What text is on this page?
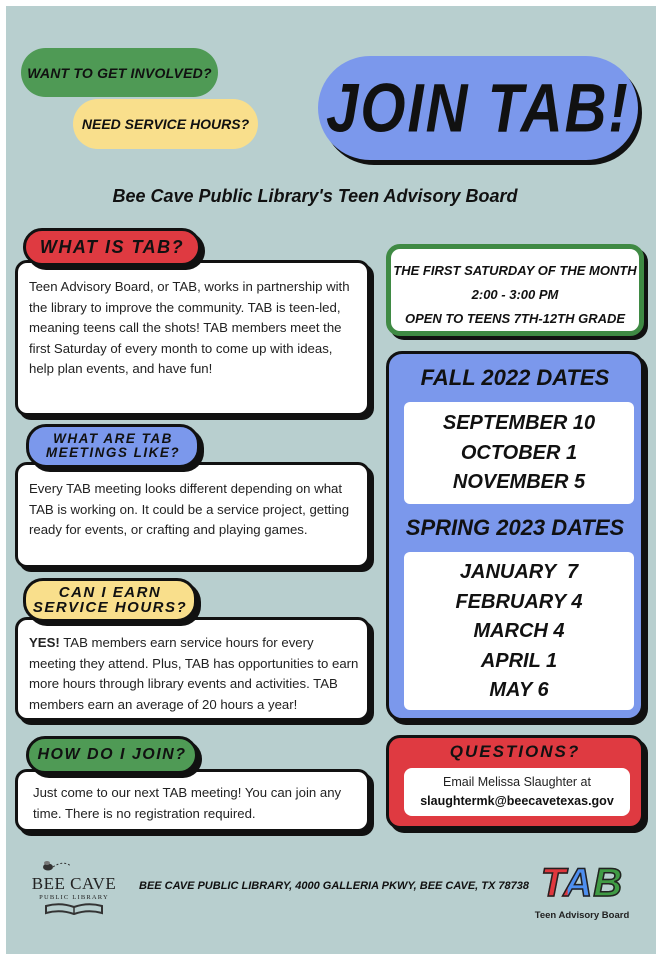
WANT TO GET INVOLVED?
NEED SERVICE HOURS? JOIN TAB!
Bee Cave Public Library's Teen Advisory Board
Teen Advisory Board, or TAB, works in partnership with the library to improve the community. TAB is teen-led, meaning teens call the shots! TAB members meet the first Saturday of every month to come up with ideas, help plan events, and have fun!
WHAT IS TAB?
Every TAB meeting looks different depending on what TAB is working on. It could be a service project, getting ready for events, or crafting and playing games.
WHAT ARE TAB
MEETINGS LIKE?
YES! TAB members earn service hours for every meeting they attend. Plus, TAB has opportunities to earn more hours through library events and activities. TAB members earn an average of 20 hours a year!
CAN I EARN
SERVICE HOURS?
Just come to our next TAB meeting! You can join any time. There is no registration required.
HOW DO I JOIN?
THE FIRST SATURDAY OF THE MONTH
2:00 - 3:00 PM
OPEN TO TEENS 7TH-12TH GRADE
FALL 2022 DATES
SEPTEMBER 10
OCTOBER 1
NOVEMBER 5
SPRING 2023 DATES
JANUARY  7
FEBRUARY 4
MARCH 4
APRIL 1
MAY 6
QUESTIONS?
Email Melissa Slaughter at
slaughtermk@beecavetexas.gov
BEE CAVE
PUBLIC LIBRARY
BEE CAVE PUBLIC LIBRARY, 4000 GALLERIA PKWY, BEE CAVE, TX 78738 TAB
Teen Advisory Board
